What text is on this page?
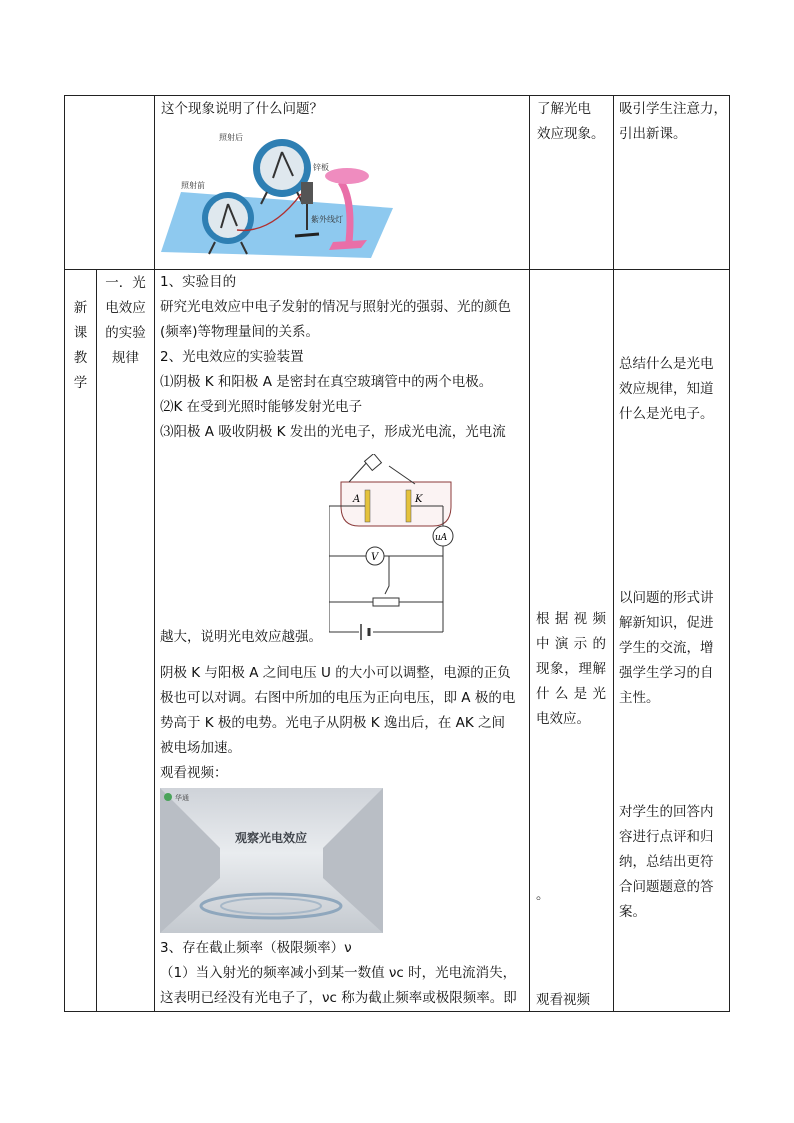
这个现象说明了什么问题？
照射后
照射前
锌板
紫外线灯
了解光电
效应现象。
吸引学生注意力，
引出新课。
新
课
教
学
一．光
电效应
的实验
规律
1、实验目的
研究光电效应中电子发射的情况与照射光的强弱、光的颜色
(频率)等物理量间的关系。
2、光电效应的实验装置
⑴阴极 K 和阳极 A 是密封在真空玻璃管中的两个电极。
⑵K 在受到光照时能够发射光电子
⑶阳极 A 吸收阴极 K 发出的光电子，形成光电流，光电流
A	K
uA
V
越大，说明光电效应越强。
阴极 K 与阳极 A 之间电压 U 的大小可以调整，电源的正负
极也可以对调。右图中所加的电压为正向电压，即 A 极的电
势高于 K 极的电势。光电子从阴极 K 逸出后，在 AK 之间
被电场加速。
观看视频：
华通
观察光电效应
3、存在截止频率（极限频率）ν
（1）当入射光的频率减小到某一数值 νc 时，光电流消失，
这表明已经没有光电子了，νc 称为截止频率或极限频率。即
根 据 视 频
中 演 示 的
现象，理解
什 么 是 光
电效应。
。
观看视频
总结什么是光电
效应规律，知道
什么是光电子。
以问题的形式讲
解新知识，促进
学生的交流，增
强学生学习的自
主性。
对学生的回答内
容进行点评和归
纳，总结出更符
合问题题意的答
案。
